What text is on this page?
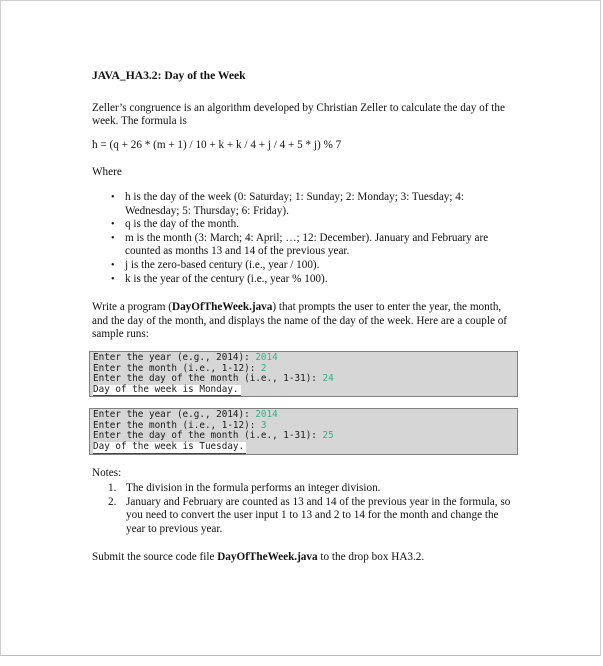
JAVA_HA3.2: Day of the Week

Zeller’s congruence is an algorithm developed by Christian Zeller to calculate the day of the week. The formula is

h = (q + 26 * (m + 1) / 10 + k + k / 4 + j / 4 + 5 * j) % 7

Where

• h is the day of the week (0: Saturday; 1: Sunday; 2: Monday; 3: Tuesday; 4: Wednesday; 5: Thursday; 6: Friday).
• q is the day of the month.
• m is the month (3: March; 4: April; …; 12: December). January and February are counted as months 13 and 14 of the previous year.
• j is the zero-based century (i.e., year / 100).
• k is the year of the century (i.e., year % 100).

Write a program (DayOfTheWeek.java) that prompts the user to enter the year, the month, and the day of the month, and displays the name of the day of the week. Here are a couple of sample runs:

Enter the year (e.g., 2014): 2014
Enter the month (i.e., 1-12): 2
Enter the day of the month (i.e., 1-31): 24
Day of the week is Monday.
Enter the year (e.g., 2014): 2014
Enter the month (i.e., 1-12): 3
Enter the day of the month (i.e., 1-31): 25
Day of the week is Tuesday.

Notes:

1. The division in the formula performs an integer division.
2. January and February are counted as 13 and 14 of the previous year in the formula, so you need to convert the user input 1 to 13 and 2 to 14 for the month and change the year to previous year.

Submit the source code file DayOfTheWeek.java to the drop box HA3.2.
